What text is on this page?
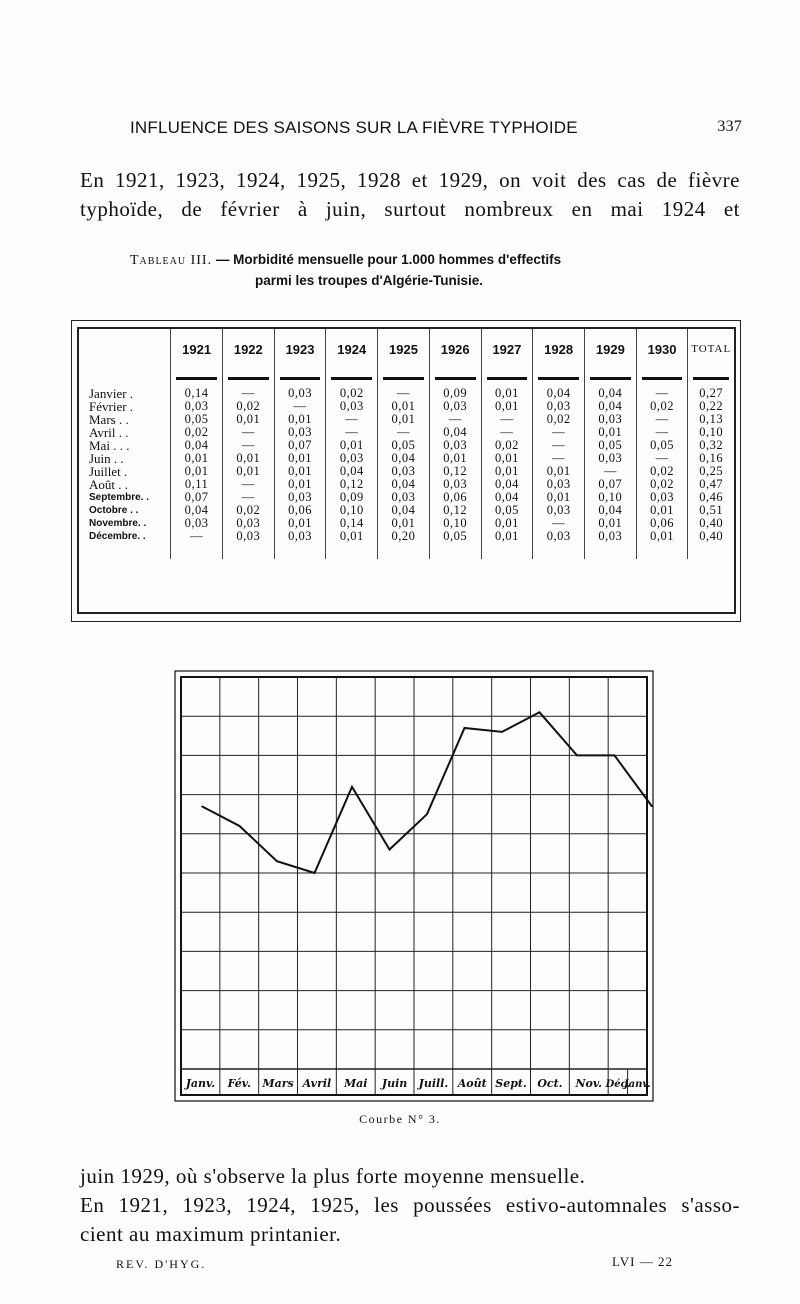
INFLUENCE DES SAISONS SUR LA FIÈVRE TYPHOIDE	337
En 1921, 1923, 1924, 1925, 1928 et 1929, on voit des cas de fièvre
typhoïde, de février à juin, surtout nombreux en mai 1924 et
Tableau III. — Morbidité mensuelle pour 1.000 hommes d'effectifs
parmi les troupes d'Algérie-Tunisie.
	1921	1922	1923	1924	1925	1926	1927	1928	1929	1930	TOTAL

Janvier .	0,14	—	0,03	0,02	—	0,09	0,01	0,04	0,04	—	0,27
Février .	0,03	0,02	—	0,03	0,01	0,03	0,01	0,03	0,04	0,02	0,22
Mars . .	0,05	0,01	0,01	—	0,01	—	—	0,02	0,03	—	0,13
Avril . .	0,02	—	0,03	—	—	0,04	—	—	0,01	—	0,10
Mai . . .	0,04	—	0,07	0,01	0,05	0,03	0,02	—	0,05	0,05	0,32
Juin . .	0,01	0,01	0,01	0,03	0,04	0,01	0,01	—	0,03	—	0,16
Juillet .	0,01	0,01	0,01	0,04	0,03	0,12	0,01	0,01	—	0,02	0,25
Août . .	0,11	—	0,01	0,12	0,04	0,03	0,04	0,03	0,07	0,02	0,47
Septembre. .	0,07	—	0,03	0,09	0,03	0,06	0,04	0,01	0,10	0,03	0,46
Octobre . .	0,04	0,02	0,06	0,10	0,04	0,12	0,05	0,03	0,04	0,01	0,51
Novembre. .	0,03	0,03	0,01	0,14	0,01	0,10	0,01	—	0,01	0,06	0,40
Décembre. .	—	0,03	0,03	0,01	0,20	0,05	0,01	0,03	0,03	0,01	0,40

Janv. Fév. Mars Avril Mai Juin Juill. Août Sept. Oct. Nov. Déc.
Janv.
Courbe N° 3.
juin 1929, où s'observe la plus forte moyenne mensuelle.
En 1921, 1923, 1924, 1925, les poussées estivo-automnales s'asso-
cient au maximum printanier.
REV. D'HYG.	LVI — 22
